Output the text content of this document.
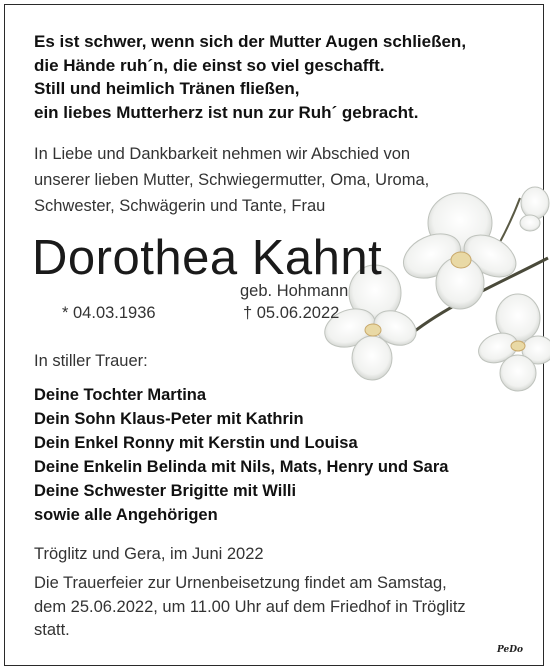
Es ist schwer, wenn sich der Mutter Augen schließen,
die Hände ruh´n, die einst so viel geschafft.
Still und heimlich Tränen fließen,
ein liebes Mutterherz ist nun zur Ruh´ gebracht.
In Liebe und Dankbarkeit nehmen wir Abschied von
unserer lieben Mutter, Schwiegermutter, Oma, Uroma,
Schwester, Schwägerin und Tante, Frau
Dorothea Kahnt
geb. Hohmann
* 04.03.1936	† 05.06.2022
In stiller Trauer:
Deine Tochter Martina
Dein Sohn Klaus-Peter mit Kathrin
Dein Enkel Ronny mit Kerstin und Louisa
Deine Enkelin Belinda mit Nils, Mats, Henry und Sara
Deine Schwester Brigitte mit Willi
sowie alle Angehörigen
Tröglitz und Gera, im Juni 2022
Die Trauerfeier zur Urnenbeisetzung findet am Samstag,
dem 25.06.2022, um 11.00 Uhr auf dem Friedhof in Tröglitz
statt.
PeDo
